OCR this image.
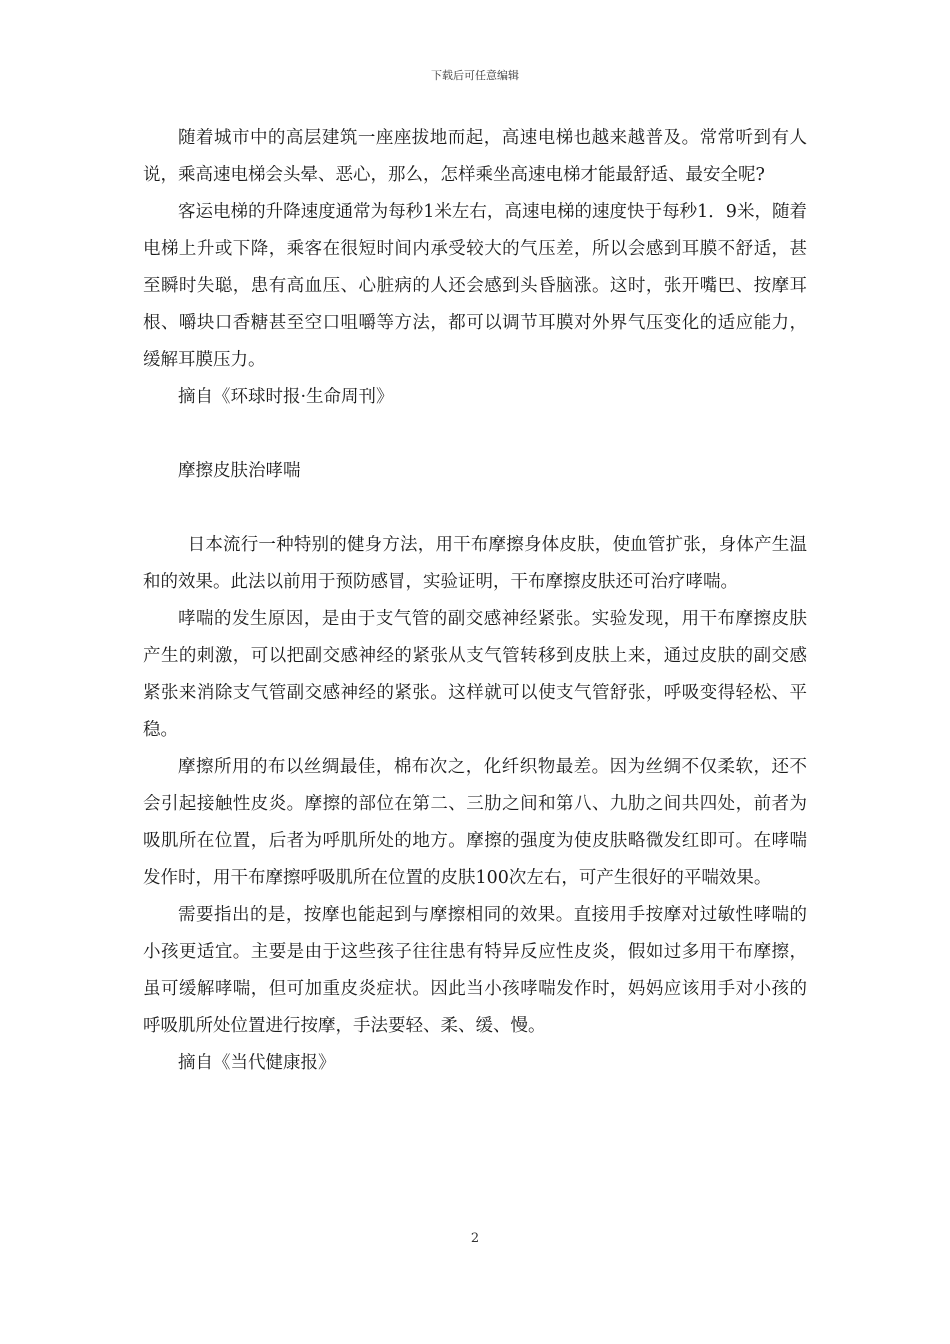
下载后可任意编辑

随着城市中的高层建筑一座座拔地而起，高速电梯也越来越普及。常常听到有人说，乘高速电梯会头晕、恶心，那么，怎样乘坐高速电梯才能最舒适、最安全呢?

客运电梯的升降速度通常为每秒1米左右，高速电梯的速度快于每秒1．9米，随着电梯上升或下降，乘客在很短时间内承受较大的气压差，所以会感到耳膜不舒适，甚至瞬时失聪，患有高血压、心脏病的人还会感到头昏脑涨。这时，张开嘴巴、按摩耳根、嚼块口香糖甚至空口咀嚼等方法，都可以调节耳膜对外界气压变化的适应能力，缓解耳膜压力。

摘自《环球时报·生命周刊》

摩擦皮肤治哮喘

日本流行一种特别的健身方法，用干布摩擦身体皮肤，使血管扩张，身体产生温和的效果。此法以前用于预防感冒，实验证明，干布摩擦皮肤还可治疗哮喘。

哮喘的发生原因，是由于支气管的副交感神经紧张。实验发现，用干布摩擦皮肤产生的刺激，可以把副交感神经的紧张从支气管转移到皮肤上来，通过皮肤的副交感紧张来消除支气管副交感神经的紧张。这样就可以使支气管舒张，呼吸变得轻松、平稳。

摩擦所用的布以丝绸最佳，棉布次之，化纤织物最差。因为丝绸不仅柔软，还不会引起接触性皮炎。摩擦的部位在第二、三肋之间和第八、九肋之间共四处，前者为吸肌所在位置，后者为呼肌所处的地方。摩擦的强度为使皮肤略微发红即可。在哮喘发作时，用干布摩擦呼吸肌所在位置的皮肤100次左右，可产生很好的平喘效果。

需要指出的是，按摩也能起到与摩擦相同的效果。直接用手按摩对过敏性哮喘的小孩更适宜。主要是由于这些孩子往往患有特异反应性皮炎，假如过多用干布摩擦，虽可缓解哮喘，但可加重皮炎症状。因此当小孩哮喘发作时，妈妈应该用手对小孩的呼吸肌所处位置进行按摩，手法要轻、柔、缓、慢。

摘自《当代健康报》

2
